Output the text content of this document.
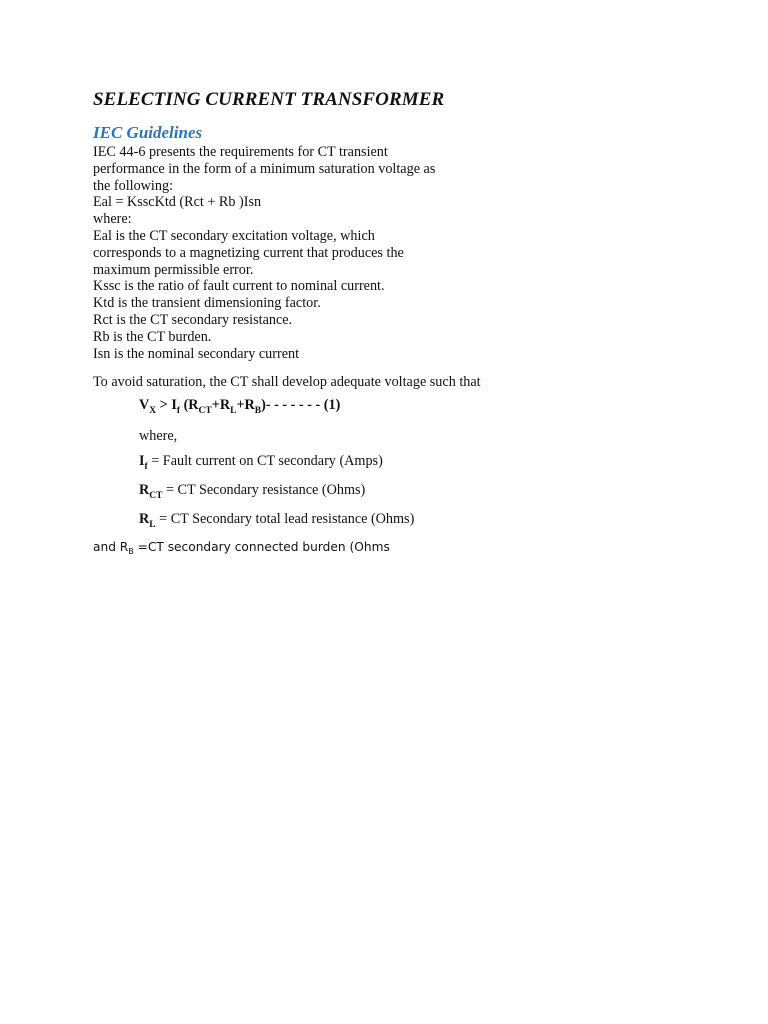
SELECTING CURRENT TRANSFORMER
IEC Guidelines
IEC 44-6 presents the requirements for CT transient
performance in the form of a minimum saturation voltage as
the following:
Eal = KsscKtd (Rct + Rb )Isn
where:
Eal is the CT secondary excitation voltage, which
corresponds to a magnetizing current that produces the
maximum permissible error.
Kssc is the ratio of fault current to nominal current.
Ktd is the transient dimensioning factor.
Rct is the CT secondary resistance.
Rb is the CT burden.
Isn is the nominal secondary current
To avoid saturation, the CT shall develop adequate voltage such that
$V_X > I_f$ $(R_{CT}+R_L+R_B)-$ - - - - - - (1)
where,
$I_f$ = Fault current on CT secondary (Amps)
$R_{CT}$ = CT Secondary resistance (Ohms)
$R_L$ = CT Secondary total lead resistance (Ohms)
and $R_B =CT$ secondary connected burden (Ohms
